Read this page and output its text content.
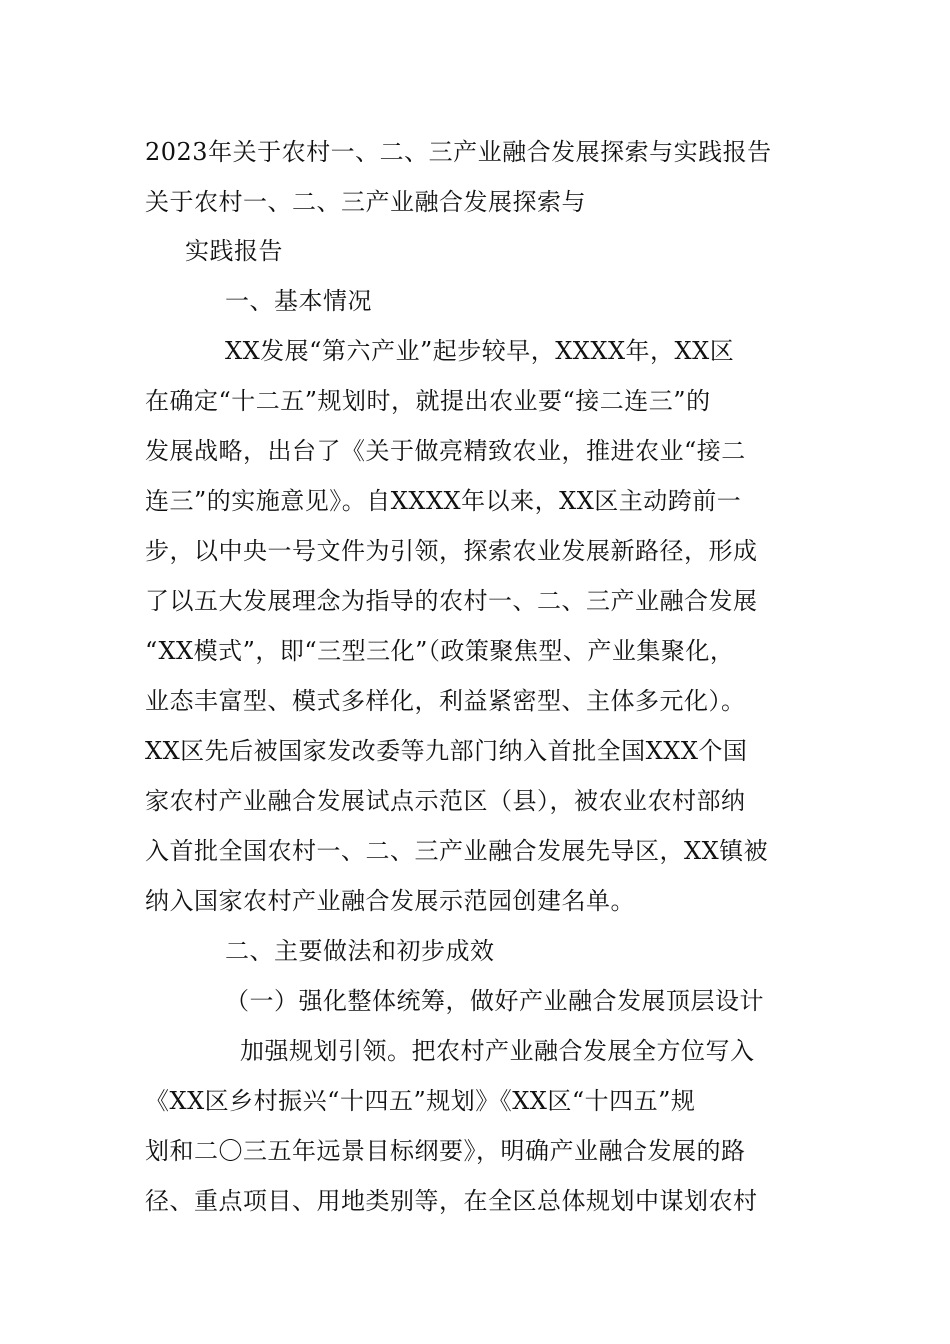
2023年关于农村一、二、三产业融合发展探索与实践报告
关于农村一、二、三产业融合发展探索与
实践报告
一、基本情况
XX发展“第六产业”起步较早，XXXX年，XX区
在确定“十二五”规划时，就提出农业要“接二连三”的
发展战略，出台了《关于做亮精致农业，推进农业“接二
连三”的实施意见》。自XXXX年以来，XX区主动跨前一
步，以中央一号文件为引领，探索农业发展新路径，形成
了以五大发展理念为指导的农村一、二、三产业融合发展
“XX模式”，即“三型三化”（政策聚焦型、产业集聚化，
业态丰富型、模式多样化，利益紧密型、主体多元化）。
XX区先后被国家发改委等九部门纳入首批全国XXX个国
家农村产业融合发展试点示范区（县），被农业农村部纳
入首批全国农村一、二、三产业融合发展先导区，XX镇被
纳入国家农村产业融合发展示范园创建名单。
二、主要做法和初步成效
（一）强化整体统筹，做好产业融合发展顶层设计
加强规划引领。把农村产业融合发展全方位写入
《XX区乡村振兴“十四五”规划》《XX区“十四五”规
划和二〇三五年远景目标纲要》，明确产业融合发展的路
径、重点项目、用地类别等，在全区总体规划中谋划农村
